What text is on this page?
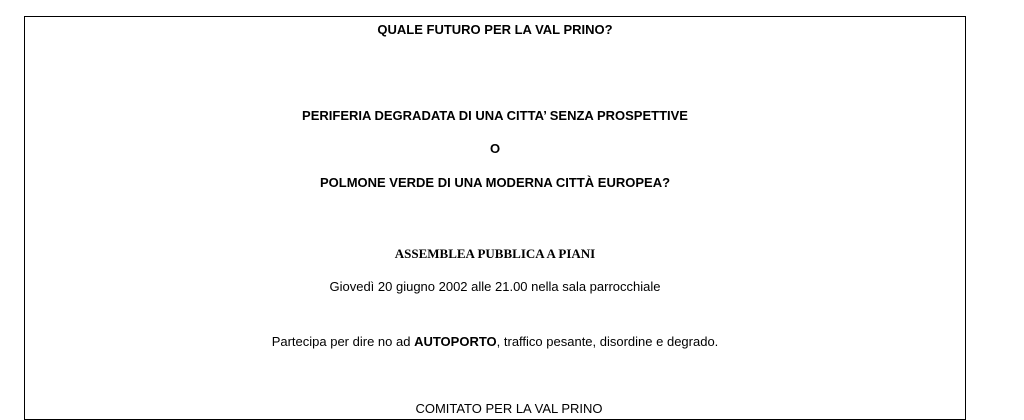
QUALE FUTURO PER LA VAL PRINO?
PERIFERIA DEGRADATA DI UNA CITTA’ SENZA PROSPETTIVE
O
POLMONE VERDE DI UNA MODERNA CITTÀ EUROPEA?
ASSEMBLEA PUBBLICA A PIANI
Giovedì 20 giugno 2002 alle 21.00 nella sala parrocchiale
Partecipa per dire no ad AUTOPORTO, traffico pesante, disordine e degrado.
COMITATO PER LA VAL PRINO
